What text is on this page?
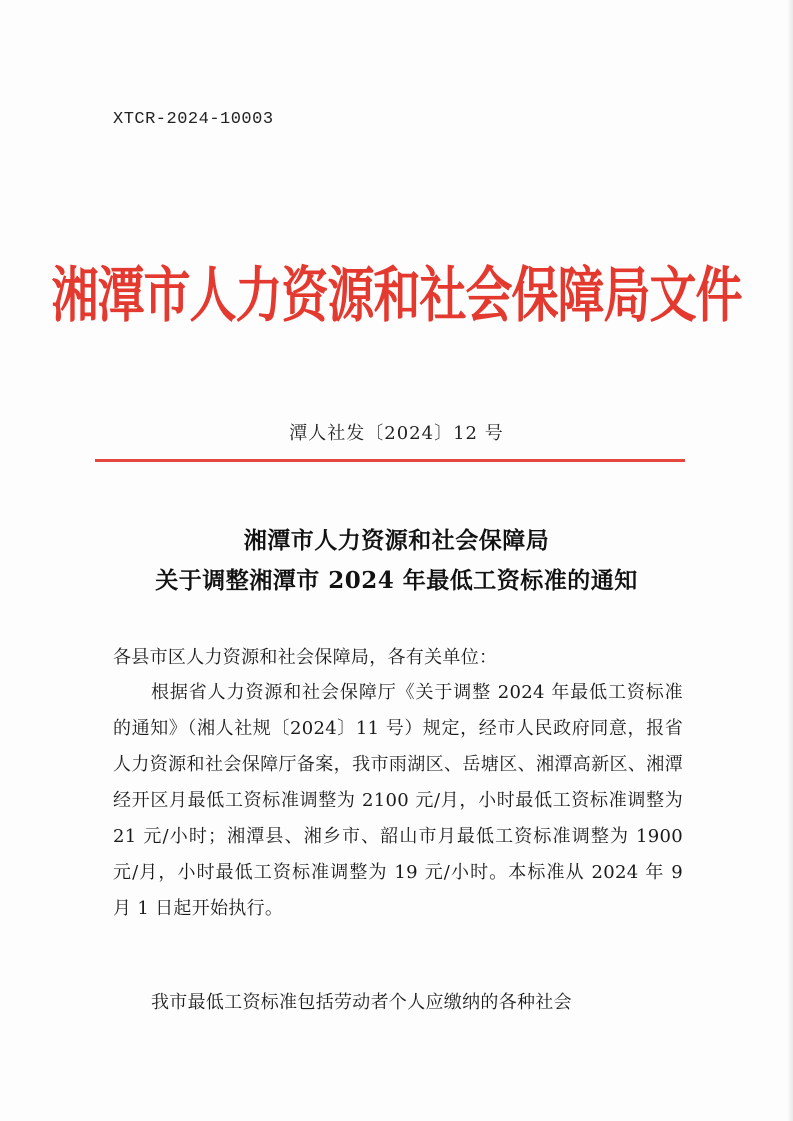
XTCR-2024-10003
湘潭市人力资源和社会保障局文件
潭人社发〔2024〕12 号
湘潭市人力资源和社会保障局
关于调整湘潭市 2024 年最低工资标准的通知
各县市区人力资源和社会保障局，各有关单位：
根据省人力资源和社会保障厅《关于调整 2024 年最低工资标准的通知》（湘人社规〔2024〕11 号）规定，经市人民政府同意，报省人力资源和社会保障厅备案，我市雨湖区、岳塘区、湘潭高新区、湘潭经开区月最低工资标准调整为 2100 元/月，小时最低工资标准调整为 21 元/小时；湘潭县、湘乡市、韶山市月最低工资标准调整为 1900 元/月，小时最低工资标准调整为 19 元/小时。本标准从 2024 年 9 月 1 日起开始执行。
我市最低工资标准包括劳动者个人应缴纳的各种社会
